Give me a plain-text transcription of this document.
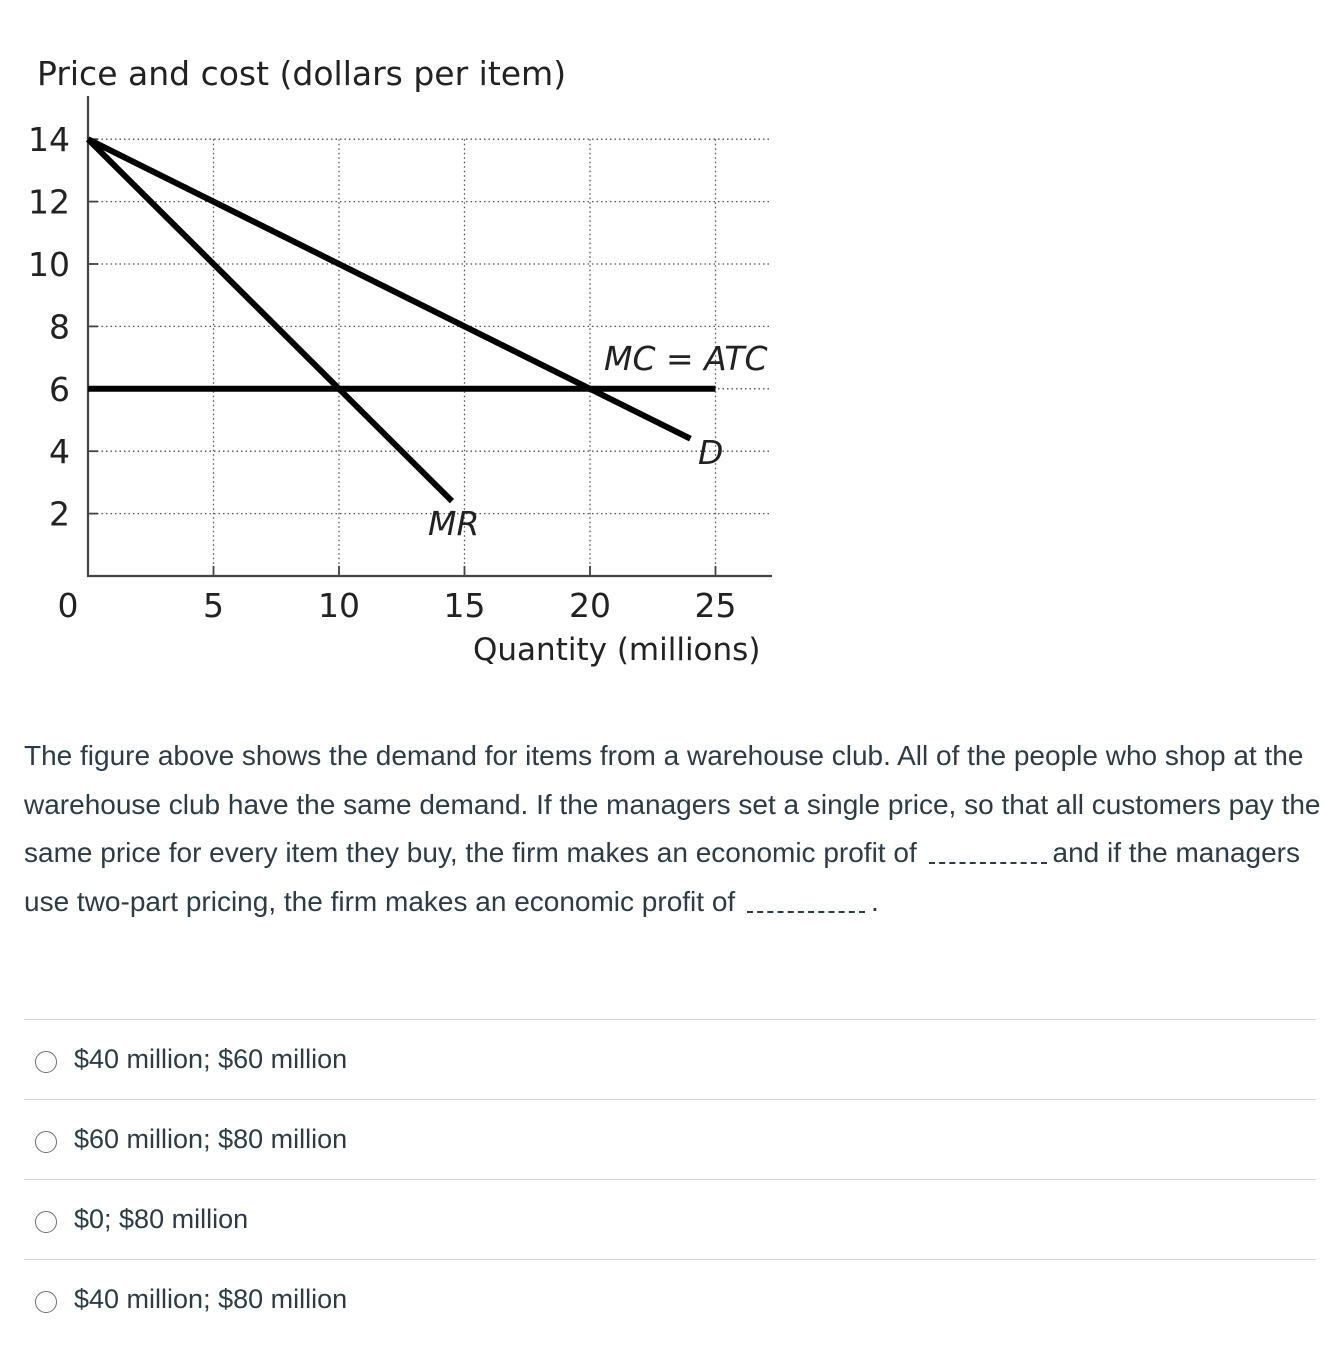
14
12
10
8
6
4
2
0	5	10	15	20	25
Price and cost (dollars per item)
Quantity (millions)
MC = ATC
D
MR

The figure above shows the demand for items from a warehouse club. All of the people who shop at the warehouse club have the same demand. If the managers set a single price, so that all customers pay the same price for every item they buy, the firm makes an economic profit of	and if the managers use two-part pricing, the firm makes an economic profit of	.

$40 million; $60 million
$60 million; $80 million
$0; $80 million
$40 million; $80 million
